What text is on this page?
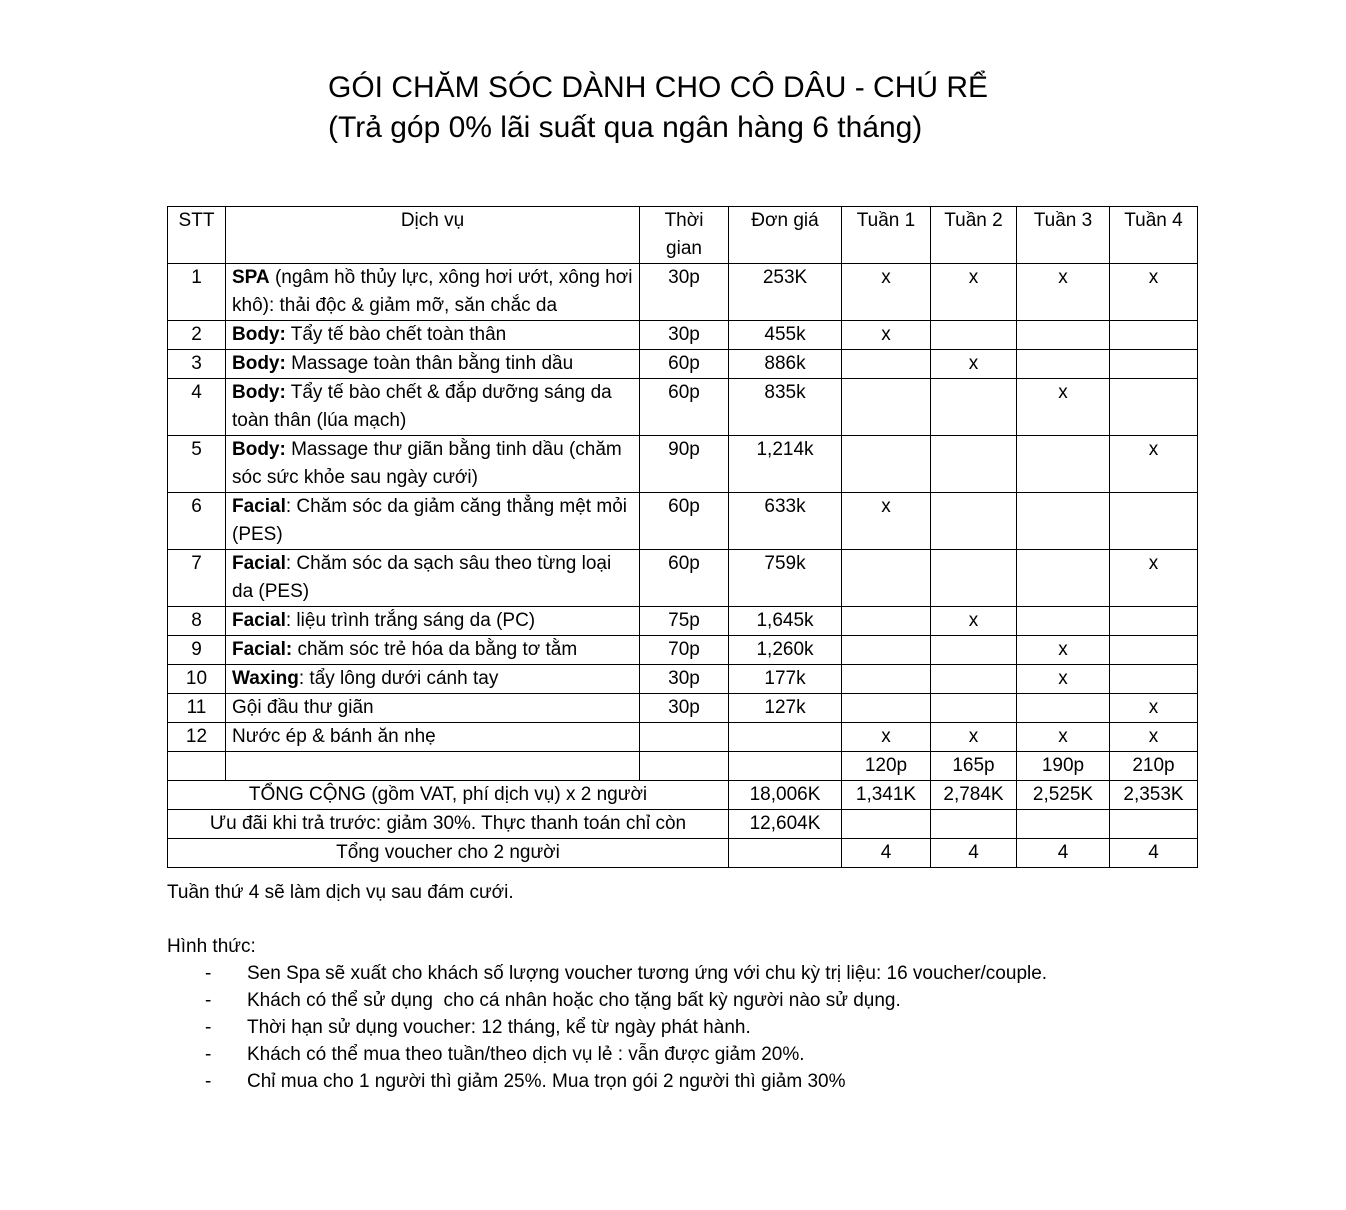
GÓI CHĂM SÓC DÀNH CHO CÔ DÂU - CHÚ RỂ
(Trả góp 0% lãi suất qua ngân hàng 6 tháng)
STT	Dịch vụ	Thời gian	Đơn giá	Tuần 1	Tuần 2	Tuần 3	Tuần 4
1	SPA (ngâm hồ thủy lực, xông hơi ướt, xông hơi khô): thải độc & giảm mỡ, săn chắc da	30p	253K	x	x	x	x
2	Body: Tẩy tế bào chết toàn thân	30p	455k	x			
3	Body: Massage toàn thân bằng tinh dầu	60p	886k		x		
4	Body: Tẩy tế bào chết & đắp dưỡng sáng da toàn thân (lúa mạch)	60p	835k			x	
5	Body: Massage thư giãn bằng tinh dầu (chăm sóc sức khỏe sau ngày cưới)	90p	1,214k				x
6	Facial: Chăm sóc da giảm căng thẳng mệt mỏi (PES)	60p	633k	x			
7	Facial: Chăm sóc da sạch sâu theo từng loại da (PES)	60p	759k				x
8	Facial: liệu trình trắng sáng da (PC)	75p	1,645k		x		
9	Facial: chăm sóc trẻ hóa da bằng tơ tằm	70p	1,260k			x	
10	Waxing: tẩy lông dưới cánh tay	30p	177k			x	
11	Gội đầu thư giãn	30p	127k				x
12	Nước ép & bánh ăn nhẹ			x	x	x	x
				120p	165p	190p	210p
TỔNG CỘNG (gồm VAT, phí dịch vụ) x 2 người			18,006K	1,341K	2,784K	2,525K	2,353K
Ưu đãi khi trả trước: giảm 30%. Thực thanh toán chỉ còn			12,604K				
Tổng voucher cho 2 người				4	4	4	4
Tuần thứ 4 sẽ làm dịch vụ sau đám cưới.
Hình thức:
- Sen Spa sẽ xuất cho khách số lượng voucher tương ứng với chu kỳ trị liệu: 16 voucher/couple.
- Khách có thể sử dụng  cho cá nhân hoặc cho tặng bất kỳ người nào sử dụng.
- Thời hạn sử dụng voucher: 12 tháng, kể từ ngày phát hành.
- Khách có thể mua theo tuần/theo dịch vụ lẻ : vẫn được giảm 20%.
- Chỉ mua cho 1 người thì giảm 25%. Mua trọn gói 2 người thì giảm 30%
